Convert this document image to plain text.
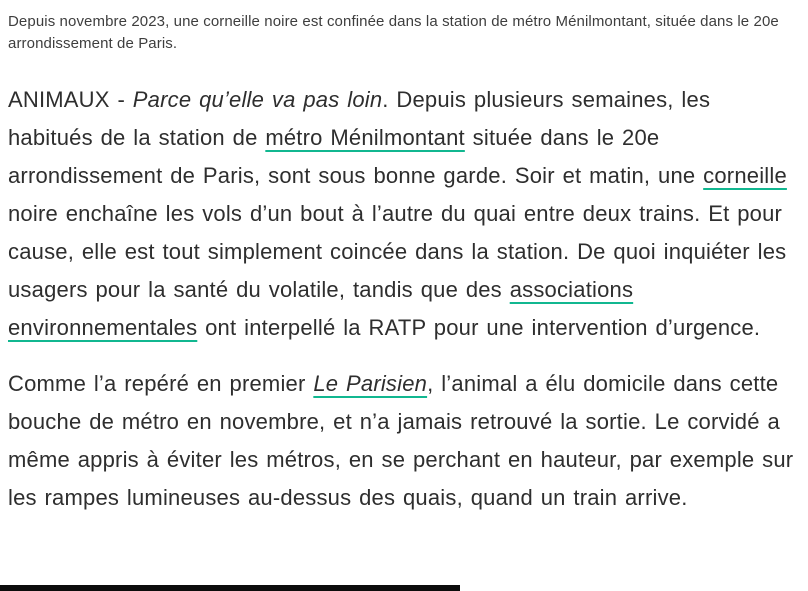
Depuis novembre 2023, une corneille noire est confinée dans la station de métro Ménilmontant, située dans le 20e arrondissement de Paris.

ANIMAUX - Parce qu’elle va pas loin. Depuis plusieurs semaines, les habitués de la station de métro Ménilmontant située dans le 20e arrondissement de Paris, sont sous bonne garde. Soir et matin, une corneille noire enchaîne les vols d’un bout à l’autre du quai entre deux trains. Et pour cause, elle est tout simplement coincée dans la station. De quoi inquiéter les usagers pour la santé du volatile, tandis que des associations environnementales ont interpellé la RATP pour une intervention d’urgence.

Comme l’a repéré en premier Le Parisien, l’animal a élu domicile dans cette bouche de métro en novembre, et n’a jamais retrouvé la sortie. Le corvidé a même appris à éviter les métros, en se perchant en hauteur, par exemple sur les rampes lumineuses au-dessus des quais, quand un train arrive.
